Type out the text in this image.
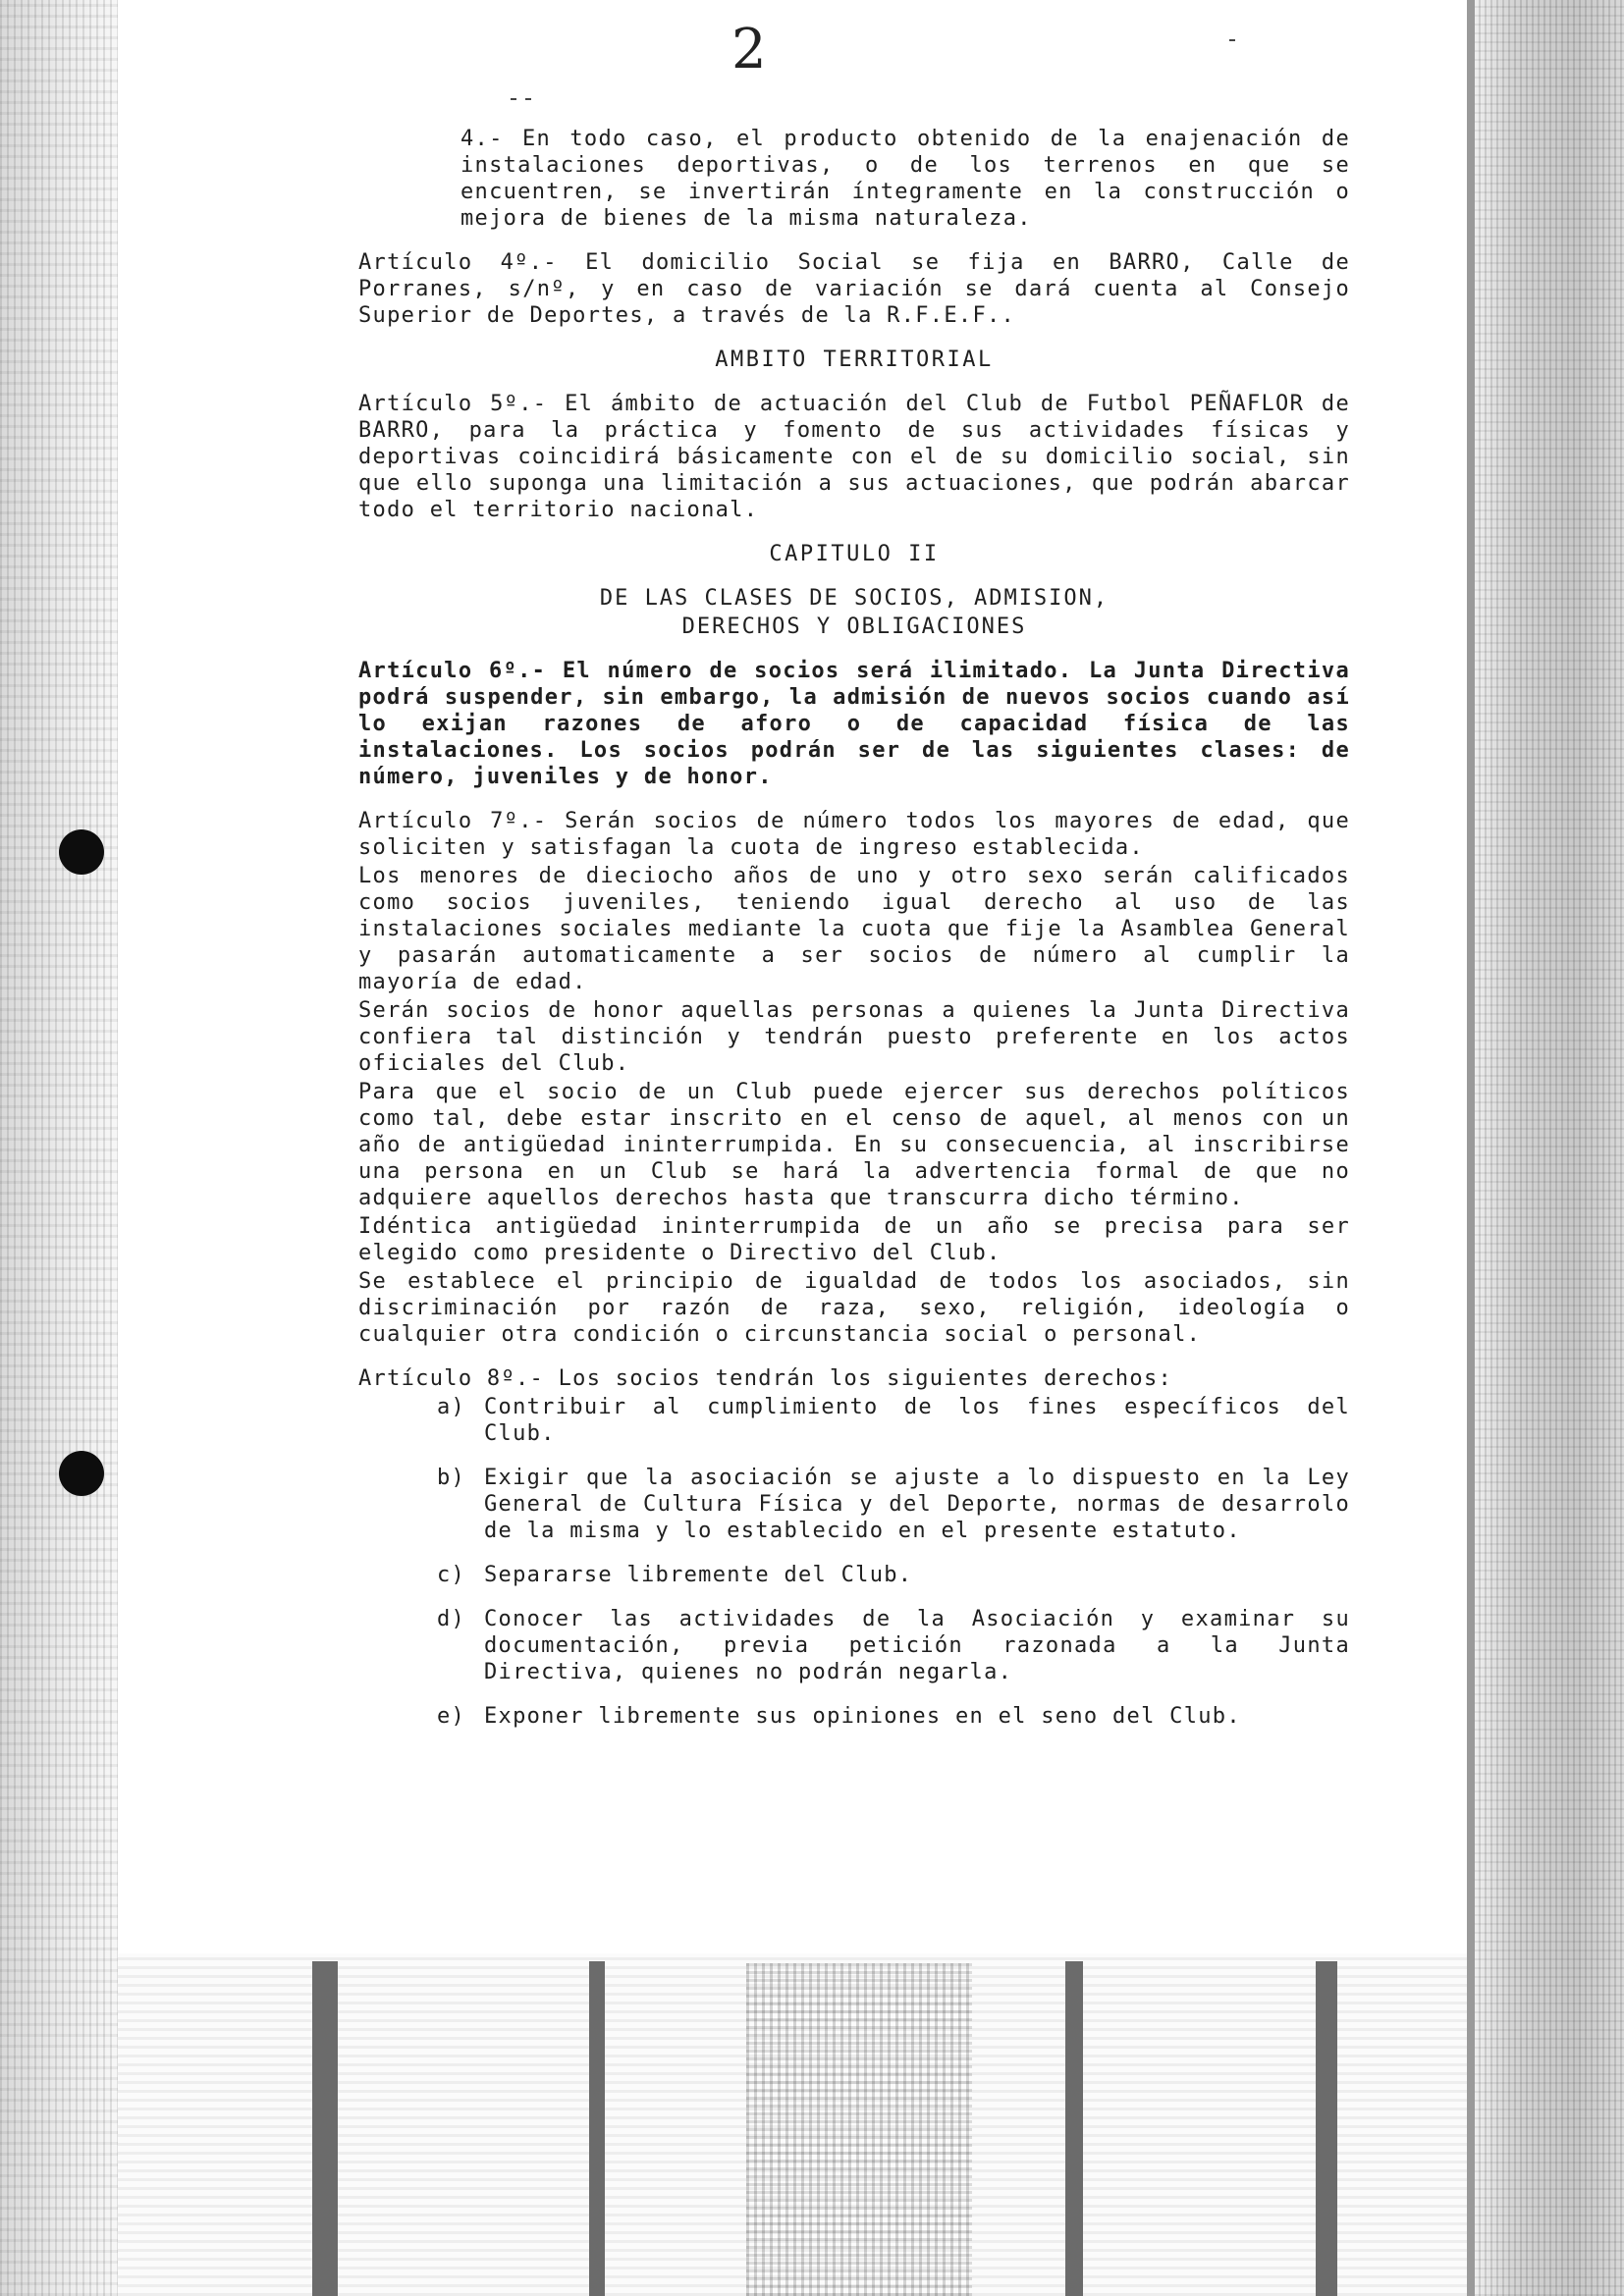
2

4.- En todo caso, el producto obtenido de la enajenación de instalaciones deportivas, o de los terrenos en que se encuentren, se invertirán íntegramente en la construcción o mejora de bienes de la misma naturaleza.

Artículo 4º.- El domicilio Social se fija en BARRO, Calle de Porranes, s/nº, y en caso de variación se dará cuenta al Consejo Superior de Deportes, a través de la R.F.E.F..

AMBITO TERRITORIAL

Artículo 5º.- El ámbito de actuación del Club de Futbol PEÑAFLOR de BARRO, para la práctica y fomento de sus actividades físicas y deportivas coincidirá básicamente con el de su domicilio social, sin que ello suponga una limitación a sus actuaciones, que podrán abarcar todo el territorio nacional.

CAPITULO II

DE LAS CLASES DE SOCIOS, ADMISION,

DERECHOS Y OBLIGACIONES

Artículo 6º.- El número de socios será ilimitado. La Junta Directiva podrá suspender, sin embargo, la admisión de nuevos socios cuando así lo exijan razones de aforo o de capacidad física de las instalaciones. Los socios podrán ser de las siguientes clases: de número, juveniles y de honor.

Artículo 7º.- Serán socios de número todos los mayores de edad, que soliciten y satisfagan la cuota de ingreso establecida.

Los menores de dieciocho años de uno y otro sexo serán calificados como socios juveniles, teniendo igual derecho al uso de las instalaciones sociales mediante la cuota que fije la Asamblea General y pasarán automaticamente a ser socios de número al cumplir la mayoría de edad.

Serán socios de honor aquellas personas a quienes la Junta Directiva confiera tal distinción y tendrán puesto preferente en los actos oficiales del Club.

Para que el socio de un Club puede ejercer sus derechos políticos como tal, debe estar inscrito en el censo de aquel, al menos con un año de antigüedad ininterrumpida. En su consecuencia, al inscribirse una persona en un Club se hará la advertencia formal de que no adquiere aquellos derechos hasta que transcurra dicho término.

Idéntica antigüedad ininterrumpida de un año se precisa para ser elegido como presidente o Directivo del Club.

Se establece el principio de igualdad de todos los asociados, sin discriminación por razón de raza, sexo, religión, ideología o cualquier otra condición o circunstancia social o personal.

Artículo 8º.- Los socios tendrán los siguientes derechos:

a) Contribuir al cumplimiento de los fines específicos del Club.
b) Exigir que la asociación se ajuste a lo dispuesto en la Ley General de Cultura Física y del Deporte, normas de desarrolo de la misma y lo establecido en el presente estatuto.
c) Separarse libremente del Club.
d) Conocer las actividades de la Asociación y examinar su documentación, previa petición razonada a la Junta Directiva, quienes no podrán negarla.
e) Exponer libremente sus opiniones en el seno del Club.
